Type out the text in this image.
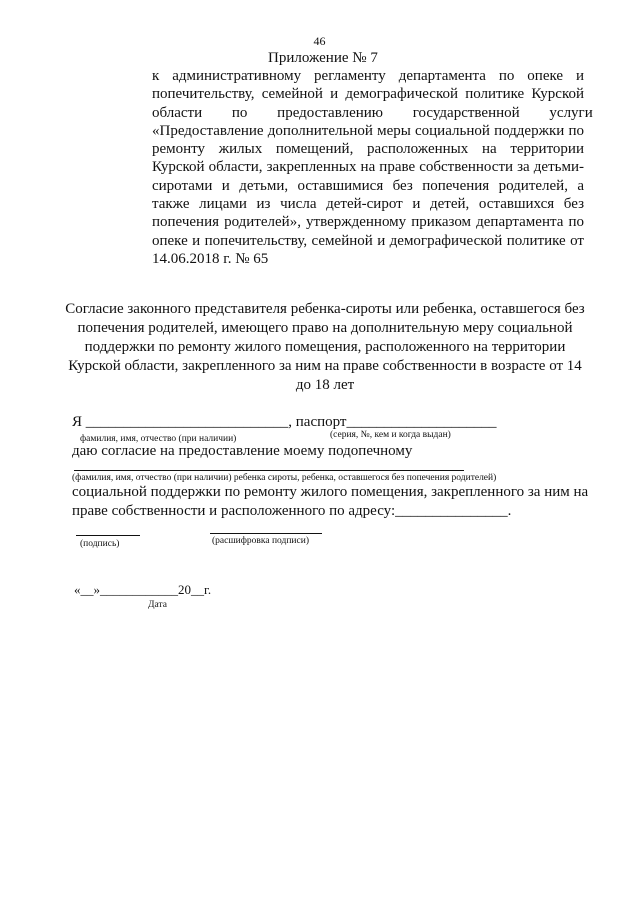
46
Приложение № 7
к административному регламенту департамента по опеке и
попечительству, семейной и демографической политике Курской
области по предоставлению государственной услуги
«Предоставление дополнительной меры социальной поддержки по
ремонту жилых помещений, расположенных на территории
Курской области, закрепленных на праве собственности за детьми-
сиротами и детьми, оставшимися без попечения родителей, а
также лицами из числа детей-сирот и детей, оставшихся без
попечения родителей», утвержденному приказом департамента по
опеке и попечительству, семейной и демографической политике от
14.06.2018 г. № 65
Согласие законного представителя ребенка-сироты или ребенка, оставшегося без
попечения родителей, имеющего право на дополнительную меру социальной
поддержки по ремонту жилого помещения, расположенного на территории
Курской области, закрепленного за ним на праве собственности в возрасте от 14
до 18 лет
Я ___________________________, паспорт____________________
фамилия, имя, отчество (при наличии)	(серия, №, кем и когда выдан)
даю согласие на предоставление моему подопечному
(фамилия, имя, отчество (при наличии) ребенка сироты, ребенка, оставшегося без попечения родителей)
социальной поддержки по ремонту жилого помещения, закрепленного за ним на
праве собственности и расположенного по адресу:_______________.
(подпись)	(расшифровка подписи)
«__»____________20__г.
Дата
